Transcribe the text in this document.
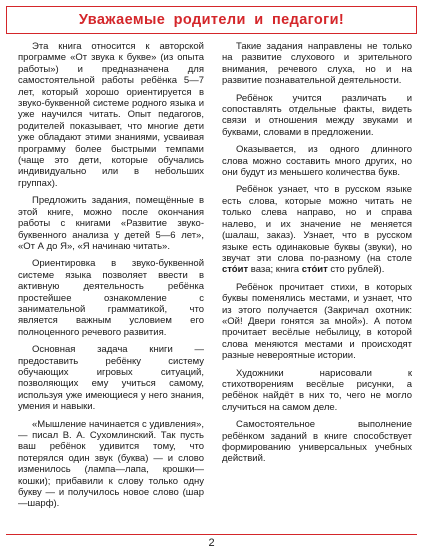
Уважаемые родители и педагоги!

Эта книга относится к авторской программе «От звука к букве» (из опыта работы») и предназначена для самостоятельной работы ребёнка 5—7 лет, который хорошо ориентируется в звуко-буквенной системе родного языка и уже научился читать. Опыт педагогов, родителей показывает, что многие дети уже обладают этими знаниями, усваивая программу более быстрыми темпами (чаще это дети, которые обучались индивидуально или в небольших группах).

Предложить задания, помещённые в этой книге, можно после окончания работы с книгами «Развитие звуко-буквенного анализа у детей 5—6 лет», «От А до Я», «Я начинаю читать».

Ориентировка в звуко-буквенной системе языка позволяет ввести в активную деятельность ребёнка простейшее ознакомление с занимательной грамматикой, что является важным условием его полноценного речевого развития.

Основная задача книги — предоставить ребёнку систему обучающих игровых ситуаций, позволяющих ему учиться самому, используя уже имеющиеся у него знания, умения и навыки.

«Мышление начинается с удивления», — писал В. А. Сухомлинский. Так пусть ваш ребёнок удивится тому, что потерялся один звук (буква) — и слово изменилось (лампа—лапа, крошки—кошки); прибавили к слову только одну букву — и получилось новое слово (шар—шарф).

Такие задания направлены не только на развитие слухового и зрительного внимания, речевого слуха, но и на развитие познавательной деятельности.

Ребёнок учится различать и сопоставлять отдельные факты, видеть связи и отношения между звуками и буквами, словами в предложении.

Оказывается, из одного длинного слова можно составить много других, но они будут из меньшего количества букв.

Ребёнок узнает, что в русском языке есть слова, которые можно читать не только слева направо, но и справа налево, и их значение не меняется (шалаш, заказ). Узнает, что в русском языке есть одинаковые буквы (звуки), но звучат эти слова по-разному (на столе сто́ит ваза; книга сто́ит сто рублей).

Ребёнок прочитает стихи, в которых буквы поменялись местами, и узнает, что из этого получается (Закричал охотник: «Ой! Двери гонятся за мной»). А потом прочитает весёлые небылицу, в которой слова меняются местами и происходят разные невероятные истории.

Художники нарисовали к стихотворениям весёлые рисунки, а ребёнок найдёт в них то, чего не могло случиться на самом деле.

Самостоятельное выполнение ребёнком заданий в книге способствует формированию универсальных учебных действий.

2
